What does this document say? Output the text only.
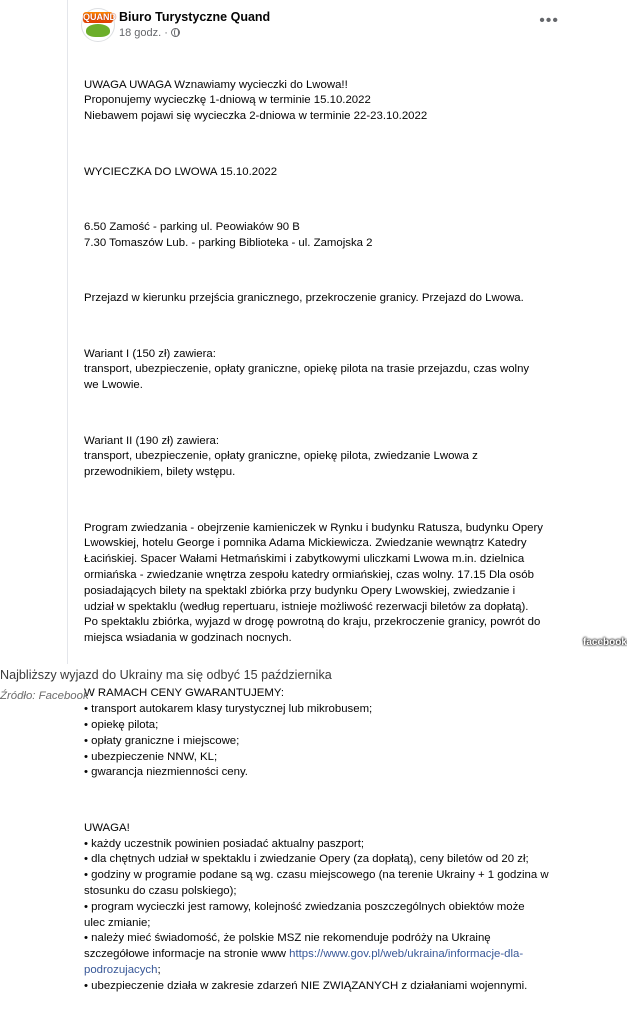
QUAND Biuro Turystyczne Quand
18 godz. ·
•••

UWAGA UWAGA Wznawiamy wycieczki do Lwowa!!
Proponujemy wycieczkę 1-dniową w terminie 15.10.2022
Niebawem pojawi się wycieczka 2-dniowa w terminie 22-23.10.2022

WYCIECZKA DO LWOWA 15.10.2022

6.50 Zamość - parking ul. Peowiaków 90 B
7.30 Tomaszów Lub. - parking Biblioteka - ul. Zamojska 2

Przejazd w kierunku przejścia granicznego, przekroczenie granicy. Przejazd do Lwowa.

Wariant I (150 zł) zawiera:
transport, ubezpieczenie, opłaty graniczne, opiekę pilota na trasie przejazdu, czas wolny
we Lwowie.

Wariant II (190 zł) zawiera:
transport, ubezpieczenie, opłaty graniczne, opiekę pilota, zwiedzanie Lwowa z
przewodnikiem, bilety wstępu.

Program zwiedzania - obejrzenie kamieniczek w Rynku i budynku Ratusza, budynku Opery
Lwowskiej, hotelu George i pomnika Adama Mickiewicza. Zwiedzanie wewnątrz Katedry
Łacińskiej. Spacer Wałami Hetmańskimi i zabytkowymi uliczkami Lwowa m.in. dzielnica
ormiańska - zwiedzanie wnętrza zespołu katedry ormiańskiej, czas wolny. 17.15 Dla osób
posiadających bilety na spektakl zbiórka przy budynku Opery Lwowskiej, zwiedzanie i
udział w spektaklu (według repertuaru, istnieje możliwość rezerwacji biletów za dopłatą).
Po spektaklu zbiórka, wyjazd w drogę powrotną do kraju, przekroczenie granicy, powrót do
miejsca wsiadania w godzinach nocnych.

W RAMACH CENY GWARANTUJEMY:
• transport autokarem klasy turystycznej lub mikrobusem;
• opiekę pilota;
• opłaty graniczne i miejscowe;
• ubezpieczenie NNW, KL;
• gwarancja niezmienności ceny.

UWAGA!
• każdy uczestnik powinien posiadać aktualny paszport;
• dla chętnych udział w spektaklu i zwiedzanie Opery (za dopłatą), ceny biletów od 20 zł;
• godziny w programie podane są wg. czasu miejscowego (na terenie Ukrainy + 1 godzina w
stosunku do czasu polskiego);
• program wycieczki jest ramowy, kolejność zwiedzania poszczególnych obiektów może
ulec zmianie;
• należy mieć świadomość, że polskie MSZ nie rekomenduje podróży na Ukrainę
szczegółowe informacje na stronie www https://www.gov.pl/web/ukraina/informacje-dla-
podrozujacych;
• ubezpieczenie działa w zakresie zdarzeń NIE ZWIĄZANYCH z działaniami wojennymi.

facebook
Najbliższy wyjazd do Ukrainy ma się odbyć 15 października
Źródło: Facebook
